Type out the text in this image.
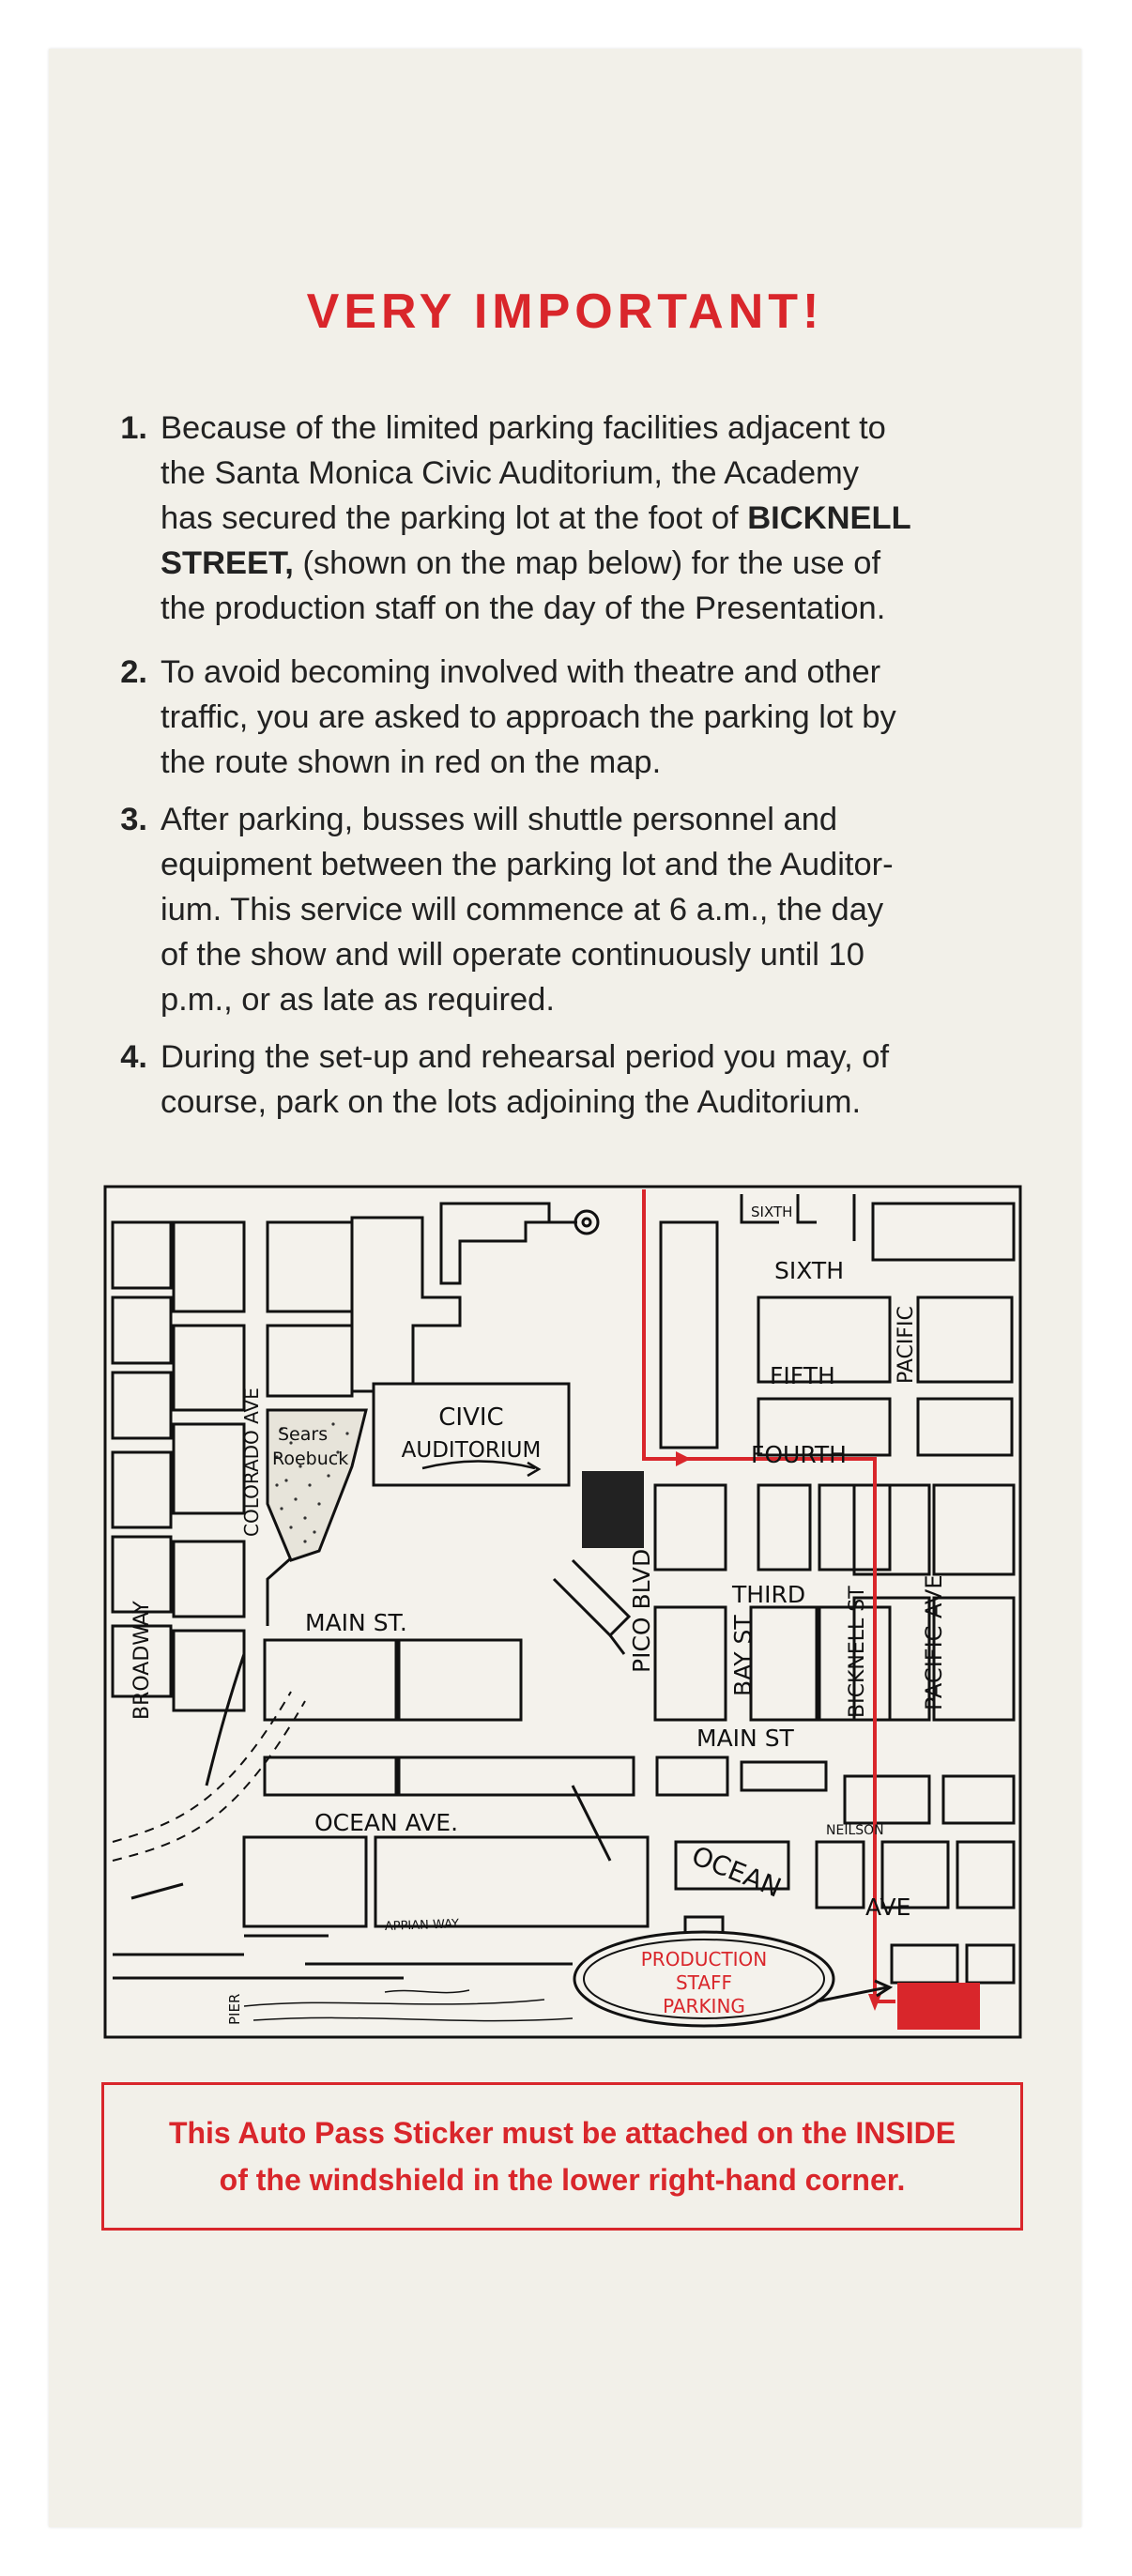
VERY IMPORTANT!
1. Because of the limited parking facilities adjacent to
the Santa Monica Civic Auditorium, the Academy
has secured the parking lot at the foot of BICKNELL
STREET, (shown on the map below) for the use of
the production staff on the day of the Presentation.
2. To avoid becoming involved with theatre and other
traffic, you are asked to approach the parking lot by
the route shown in red on the map.
3. After parking, busses will shuttle personnel and
equipment between the parking lot and the Auditor-
ium. This service will commence at 6 a.m., the day
of the show and will operate continuously until 10
p.m., or as late as required.
4. During the set-up and rehearsal period you may, of
course, park on the lots adjoining the Auditorium.
Sears
Roebuck
CIVIC
AUDITORIUM
PRODUCTION
STAFF
PARKING
SIXTH
SIXTH
FIFTH
FOURTH
THIRD
MAIN ST.
MAIN ST
OCEAN AVE.
OCEAN
AVE
NEILSON
APPIAN WAY
PIER
BROADWAY
COLORADO AVE
PICO BLVD	BAY ST	BICKNELL ST PACIFIC AVE
PACIFIC
This Auto Pass Sticker must be attached on the INSIDE
of the windshield in the lower right-hand corner.
